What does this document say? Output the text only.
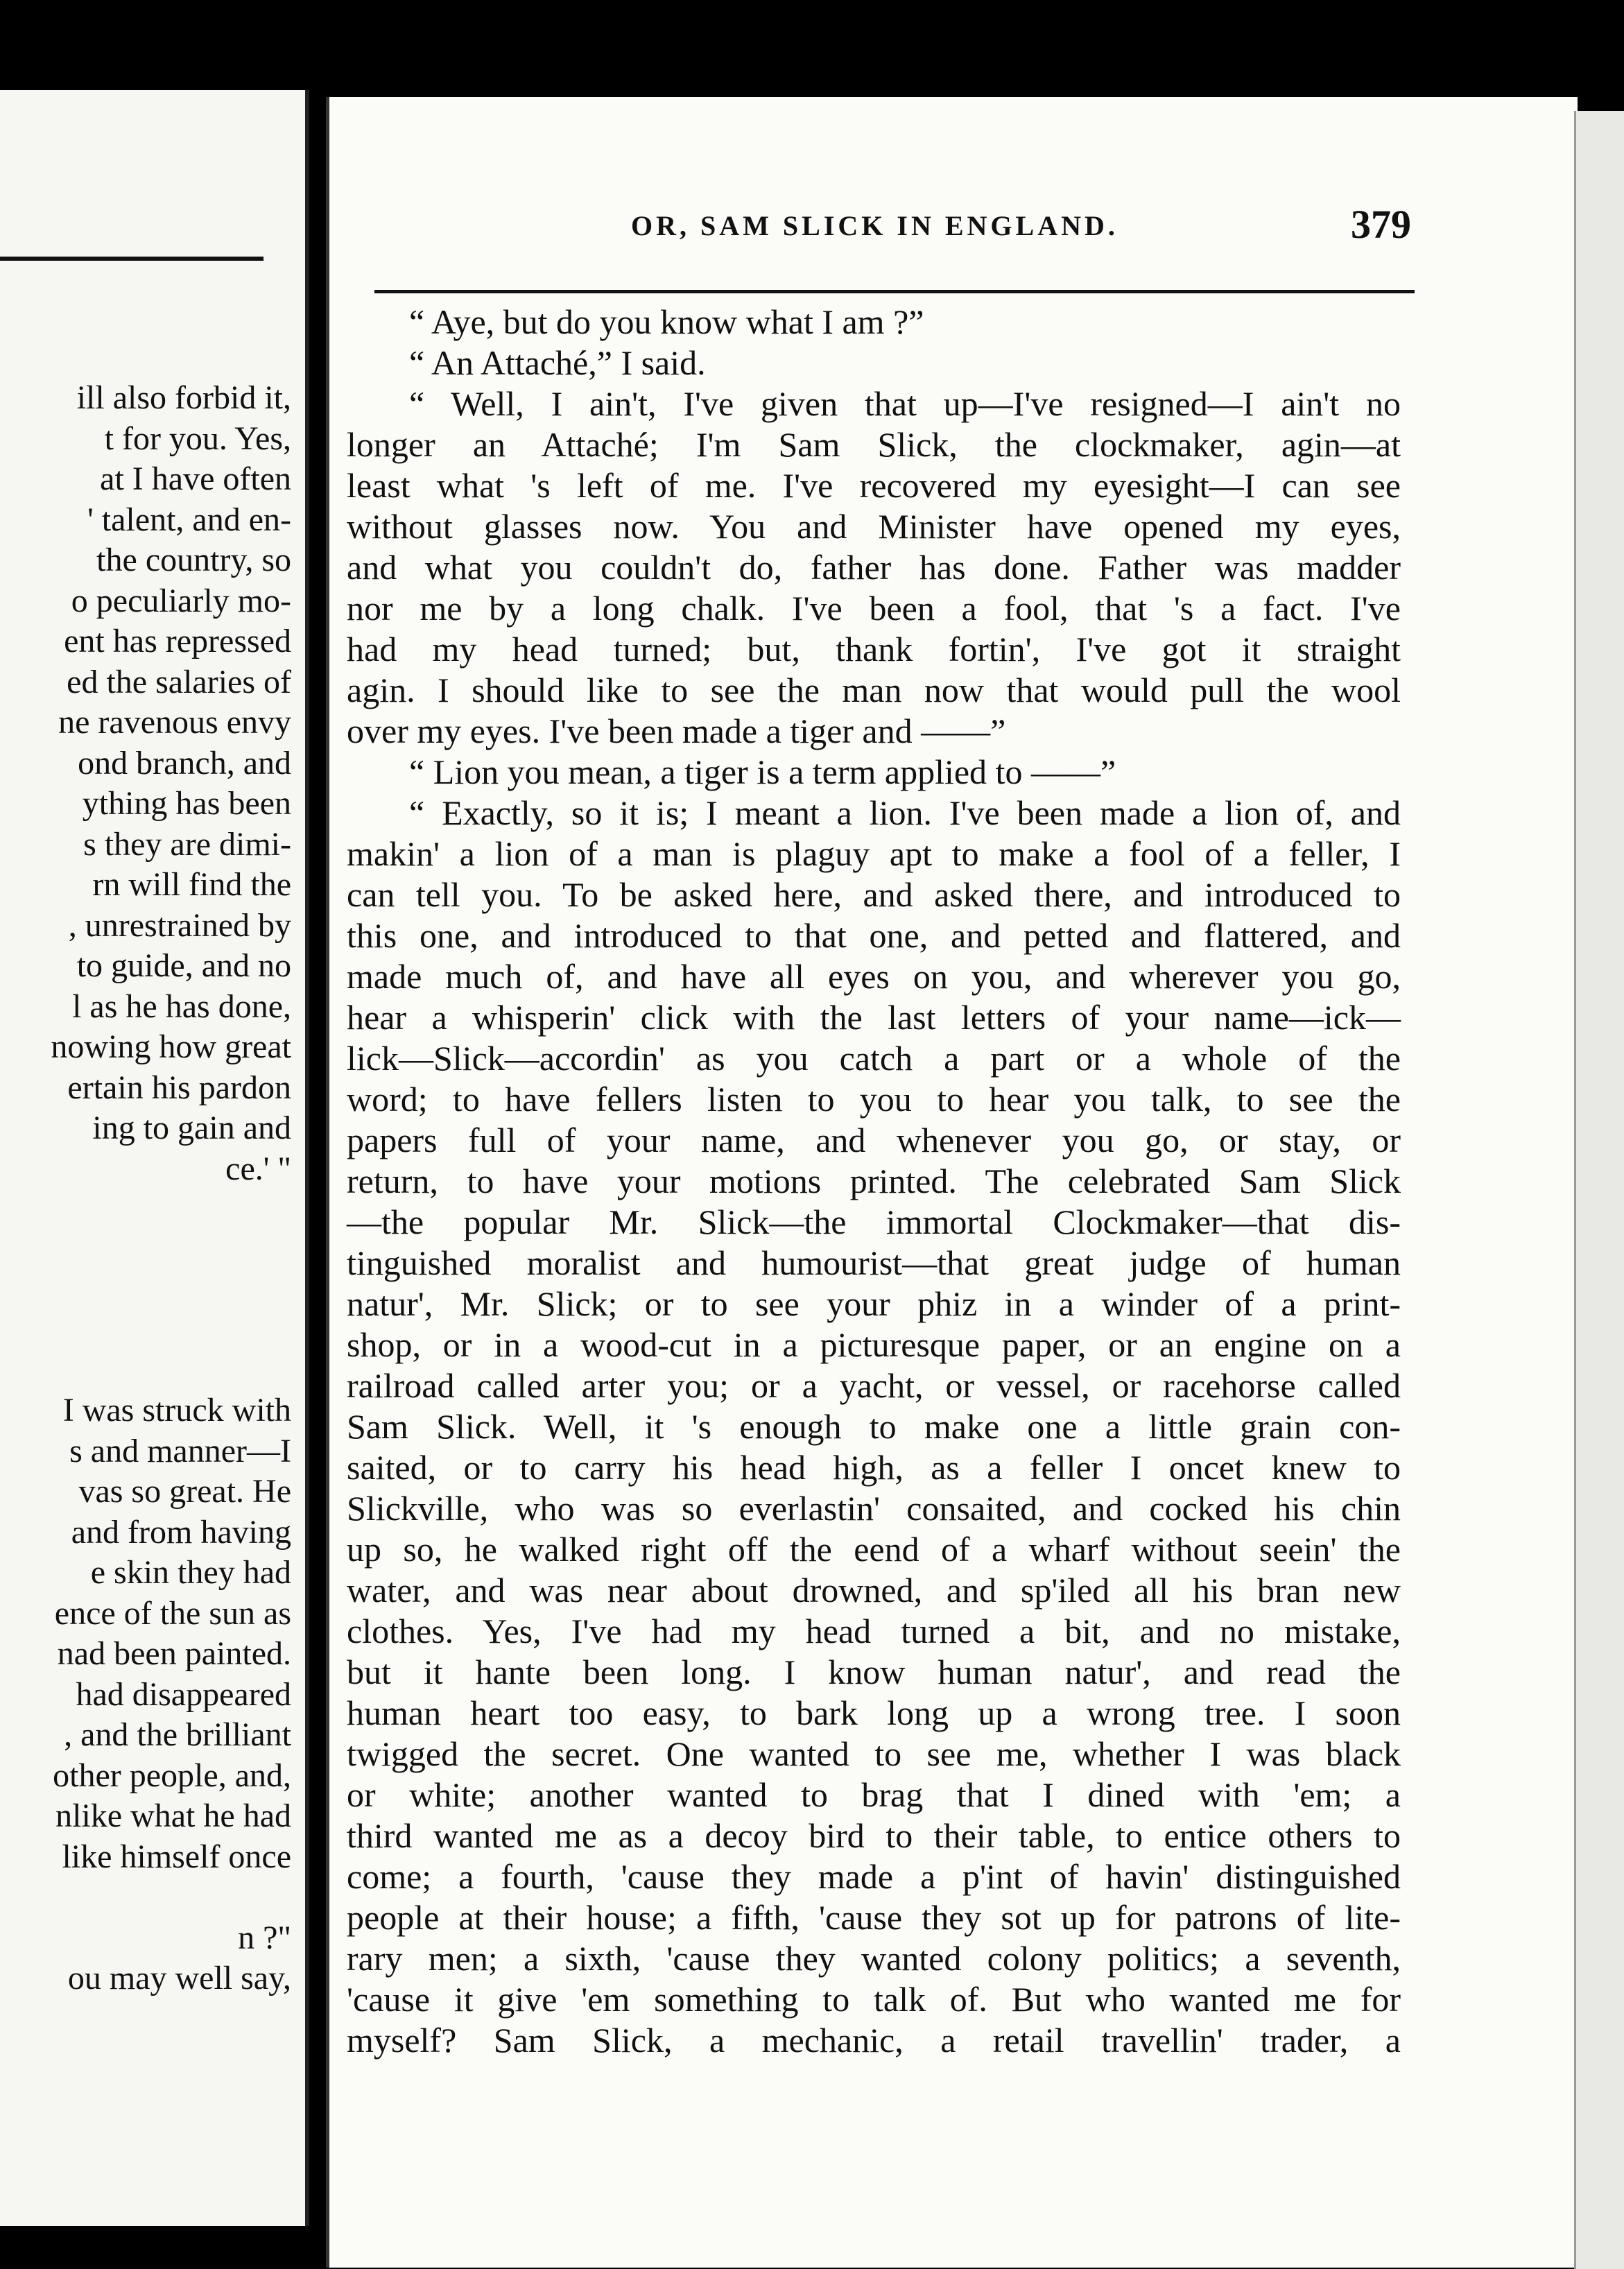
ill also forbid it,
t for you. Yes,
at I have often
' talent, and en-
the country, so
o peculiarly mo-
ent has repressed
ed the salaries of
ne ravenous envy
ond branch, and
ything has been
s they are dimi-
rn will find the
, unrestrained by
to guide, and no
l as he has done,
nowing how great
ertain his pardon
ing to gain and
ce.' "
I was struck with
s and manner—I
vas so great. He
and from having
e skin they had
ence of the sun as
nad been painted.
had disappeared
, and the brilliant
other people, and,
nlike what he had
like himself once
n ?"
ou may well say,
OR, SAM SLICK IN ENGLAND.	379
“ Aye, but do you know what I am ?”
“ An Attaché,” I said.
“ Well, I ain't, I've given that up—I've resigned—I ain't no
longer an Attaché; I'm Sam Slick, the clockmaker, agin—at
least what 's left of me. I've recovered my eyesight—I can see
without glasses now. You and Minister have opened my eyes,
and what you couldn't do, father has done. Father was madder
nor me by a long chalk. I've been a fool, that 's a fact. I've
had my head turned; but, thank fortin', I've got it straight
agin. I should like to see the man now that would pull the wool
over my eyes. I've been made a tiger and ——”
“ Lion you mean, a tiger is a term applied to ——”
“ Exactly, so it is; I meant a lion. I've been made a lion of, and
makin' a lion of a man is plaguy apt to make a fool of a feller, I
can tell you. To be asked here, and asked there, and introduced to
this one, and introduced to that one, and petted and flattered, and
made much of, and have all eyes on you, and wherever you go,
hear a whisperin' click with the last letters of your name—ick—
lick—Slick—accordin' as you catch a part or a whole of the
word; to have fellers listen to you to hear you talk, to see the
papers full of your name, and whenever you go, or stay, or
return, to have your motions printed. The celebrated Sam Slick
—the popular Mr. Slick—the immortal Clockmaker—that dis-
tinguished moralist and humourist—that great judge of human
natur', Mr. Slick; or to see your phiz in a winder of a print-
shop, or in a wood-cut in a picturesque paper, or an engine on a
railroad called arter you; or a yacht, or vessel, or racehorse called
Sam Slick. Well, it 's enough to make one a little grain con-
saited, or to carry his head high, as a feller I oncet knew to
Slickville, who was so everlastin' consaited, and cocked his chin
up so, he walked right off the eend of a wharf without seein' the
water, and was near about drowned, and sp'iled all his bran new
clothes. Yes, I've had my head turned a bit, and no mistake,
but it hante been long. I know human natur', and read the
human heart too easy, to bark long up a wrong tree. I soon
twigged the secret. One wanted to see me, whether I was black
or white; another wanted to brag that I dined with 'em; a
third wanted me as a decoy bird to their table, to entice others to
come; a fourth, 'cause they made a p'int of havin' distinguished
people at their house; a fifth, 'cause they sot up for patrons of lite-
rary men; a sixth, 'cause they wanted colony politics; a seventh,
'cause it give 'em something to talk of. But who wanted me for
myself? Sam Slick, a mechanic, a retail travellin' trader, a
